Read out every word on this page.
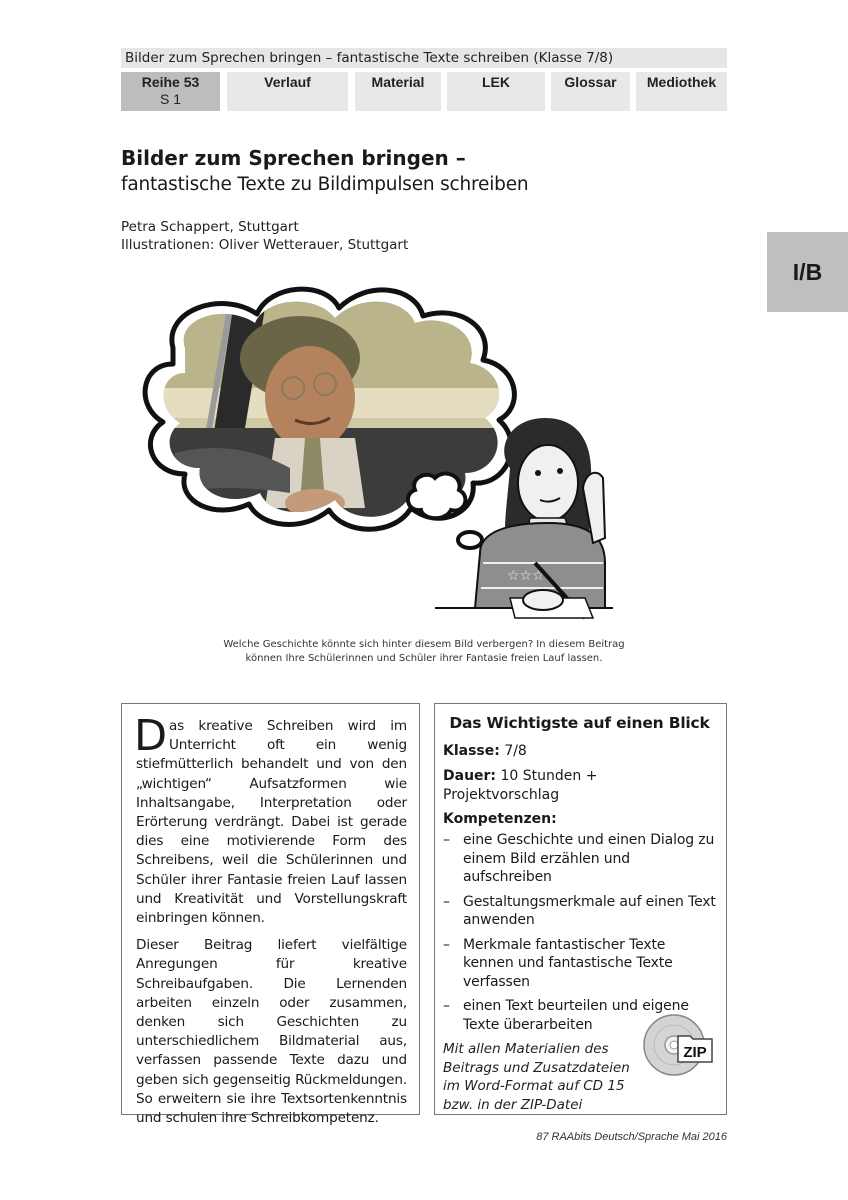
Bilder zum Sprechen bringen – fantastische Texte schreiben (Klasse 7/8)
Reihe 53
S 1
Verlauf	Material	LEK	Glossar	Mediothek
I/B
Bilder zum Sprechen bringen –
fantastische Texte zu Bildimpulsen schreiben
Petra Schappert, Stuttgart
Illustrationen: Oliver Wetterauer, Stuttgart
☆☆☆
Welche Geschichte könnte sich hinter diesem Bild verbergen? In diesem Beitrag können Ihre Schülerinnen und Schüler ihrer Fantasie freien Lauf lassen.

Das kreative Schreiben wird im Unterricht oft ein wenig stiefmütterlich behandelt und von den „wichtigen“ Aufsatzformen wie Inhaltsangabe, Interpretation oder Erörterung verdrängt. Dabei ist gerade dies eine motivierende Form des Schreibens, weil die Schülerinnen und Schüler ihrer Fantasie freien Lauf lassen und Kreativität und Vorstellungskraft einbringen können.

Dieser Beitrag liefert vielfältige Anregungen für kreative Schreibaufgaben. Die Lernenden arbeiten einzeln oder zusammen, denken sich Geschichten zu unterschiedlichem Bildmaterial aus, verfassen passende Texte dazu und geben sich gegenseitig Rückmeldungen. So erweitern sie ihre Textsortenkenntnis und schulen ihre Schreibkompetenz.

Das Wichtigste auf einen Blick
Klasse: 7/8
Dauer: 10 Stunden + Projektvorschlag
Kompetenzen:
– eine Geschichte und einen Dialog zu einem Bild erzählen und aufschreiben
– Gestaltungsmerkmale auf einen Text anwenden
– Merkmale fantastischer Texte kennen und fantastische Texte verfassen
– einen Text beurteilen und eigene Texte überarbeiten
Mit allen Materialien des Beitrags und Zusatzdateien im Word-Format auf CD 15 bzw. in der ZIP-Datei
ZIP
87 RAAbits Deutsch/Sprache Mai 2016
